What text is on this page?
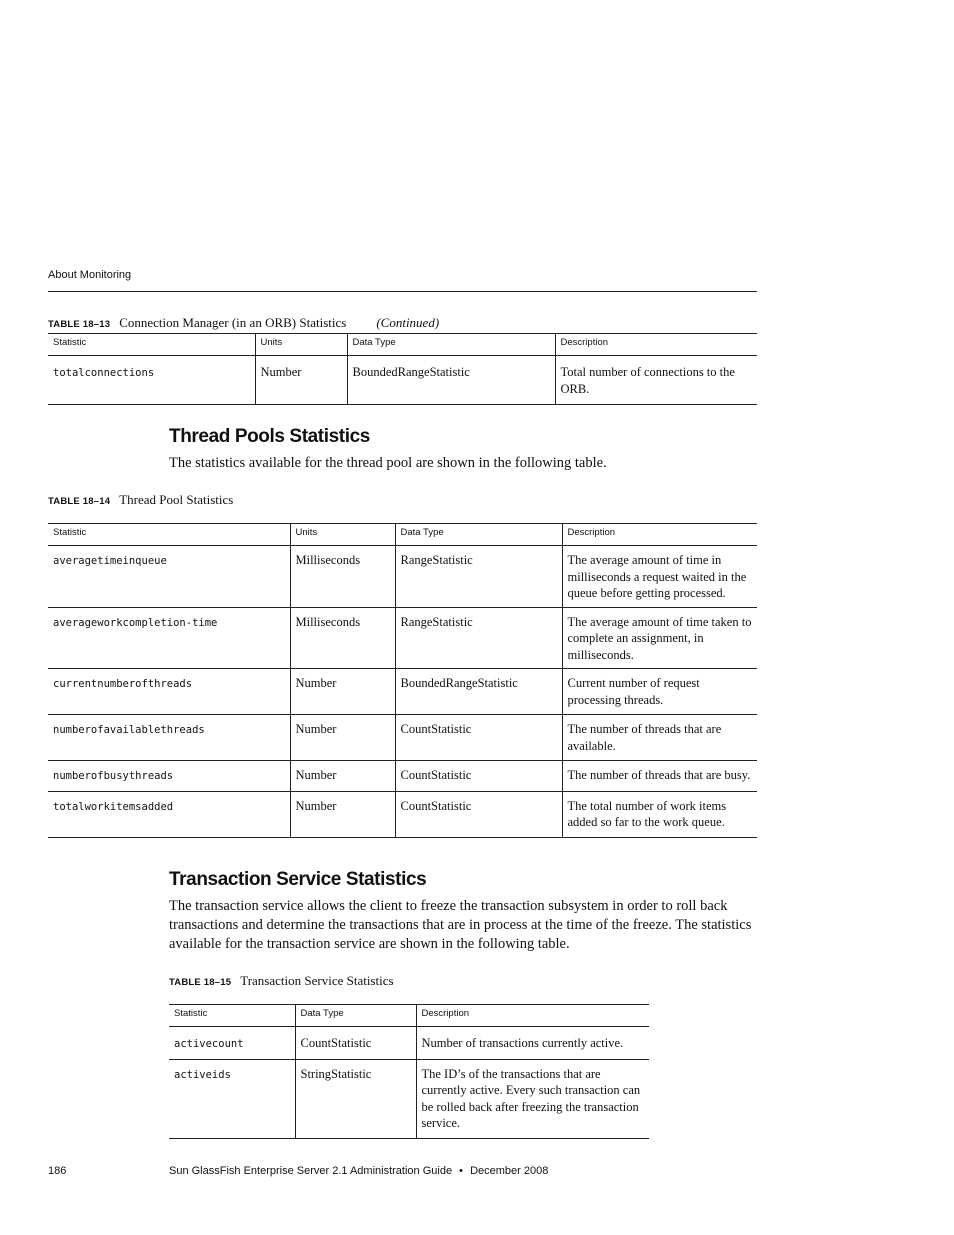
About Monitoring
TABLE 18–13 Connection Manager (in an ORB) Statistics (Continued)
Statistic	Units	Data Type	Description
totalconnections	Number	BoundedRangeStatistic	Total number of connections to the ORB.
Thread Pools Statistics
The statistics available for the thread pool are shown in the following table.
TABLE 18–14 Thread Pool Statistics
Statistic	Units	Data Type	Description
averagetimeinqueue	Milliseconds	RangeStatistic	The average amount of time in milliseconds a request waited in the queue before getting processed.
averageworkcompletion-time	Milliseconds	RangeStatistic	The average amount of time taken to complete an assignment, in milliseconds.
currentnumberofthreads	Number	BoundedRangeStatistic	Current number of request processing threads.
numberofavailablethreads	Number	CountStatistic	The number of threads that are available.
numberofbusythreads	Number	CountStatistic	The number of threads that are busy.
totalworkitemsadded	Number	CountStatistic	The total number of work items added so far to the work queue.
Transaction Service Statistics
The transaction service allows the client to freeze the transaction subsystem in order to roll back transactions and determine the transactions that are in process at the time of the freeze. The statistics available for the transaction service are shown in the following table.
TABLE 18–15 Transaction Service Statistics
Statistic	Data Type	Description
activecount	CountStatistic	Number of transactions currently active.
activeids	StringStatistic	The ID’s of the transactions that are currently active. Every such transaction can be rolled back after freezing the transaction service.
186	Sun GlassFish Enterprise Server 2.1 Administration Guide • December 2008
